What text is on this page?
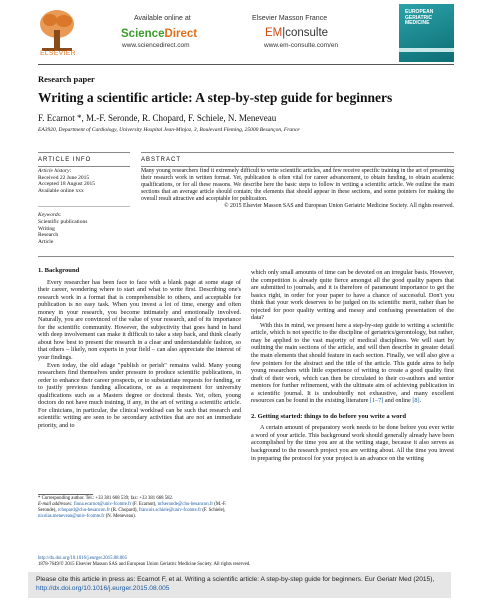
ELSEVIER
Available online at
ScienceDirect
www.sciencedirect.com
Elsevier Masson France
EM|consulte
www.em-consulte.com/en
EUROPEAN GERIATRIC MEDICINE
Research paper
Writing a scientific article: A step-by-step guide for beginners
F. Ecarnot *, M.-F. Seronde, R. Chopard, F. Schiele, N. Meneveau
EA3920, Department of Cardiology, University Hospital Jean-Minjoz, 3, Boulevard Fleming, 25000 Besançon, France
ARTICLE INFO
Article history:
Received 22 June 2015
Accepted 18 August 2015
Available online xxx
Keywords:
Scientific publications
Writing
Research
Article
ABSTRACT
Many young researchers find it extremely difficult to write scientific articles, and few receive specific training in the art of presenting their research work in written format. Yet, publication is often vital for career advancement, to obtain funding, to obtain academic qualifications, or for all these reasons. We describe here the basic steps to follow in writing a scientific article. We outline the main sections that an average article should contain; the elements that should appear in these sections, and some pointers for making the overall result attractive and acceptable for publication.
© 2015 Elsevier Masson SAS and European Union Geriatric Medicine Society. All rights reserved.
1. Background

Every researcher has been face to face with a blank page at some stage of their career, wondering where to start and what to write first. Describing one's research work in a format that is comprehensible to others, and acceptable for publication is no easy task. When you invest a lot of time, energy and often money in your research, you become intimately and emotionally involved. Naturally, you are convinced of the value of your research, and of its importance for the scientific community. However, the subjectivity that goes hand in hand with deep involvement can make it difficult to take a step back, and think clearly about how best to present the research in a clear and understandable fashion, so that others – likely, non experts in your field – can also appreciate the interest of your findings.

Even today, the old adage "publish or perish" remains valid. Many young researchers find themselves under pressure to produce scientific publications, in order to enhance their career prospects, or to substantiate requests for funding, or to justify previous funding allocations, or as a requirement for university qualifications such as a Masters degree or doctoral thesis. Yet, often, young doctors do not have much training, if any, in the art of writing a scientific article. For clinicians, in particular, the clinical workload can be such that research and scientific writing are seen to be secondary activities that are not an immediate priority, and to

which only small amounts of time can be devoted on an irregular basis. However, the competition is already quite fierce amongst all the good quality papers that are submitted to journals, and it is therefore of paramount importance to get the basics right, in order for your paper to have a chance of successful. Don't you think that your work deserves to be judged on its scientific merit, rather than be rejected for poor quality writing and messy and confusing presentation of the data?

With this in mind, we present here a step-by-step guide to writing a scientific article, which is not specific to the discipline of geriatrics/gerontology, but rather, may be applied to the vast majority of medical disciplines. We will start by outlining the main sections of the article, and will then describe in greater detail the main elements that should feature in each section. Finally, we will also give a few pointers for the abstract and the title of the article. This guide aims to help young researchers with little experience of writing to create a good quality first draft of their work, which can then be circulated to their co-authors and senior mentors for further refinement, with the ultimate aim of achieving publication in a scientific journal. It is undoubtedly not exhaustive, and many excellent resources can be found in the existing literature [1–7] and online [8].

2. Getting started: things to do before you write a word

A certain amount of preparatory work needs to be done before you ever write a word of your article. This background work should generally already have been accomplished by the time you are at the writing stage, because it also serves as background to the research project you are writing about. All the time you invest in preparing the protocol for your project is an advance on the writing

* Corresponding author. Tel.: +33 381 668 539; fax: +33 381 668 582.
E-mail addresses: fiona.ecarnot@univ-fcomte.fr (F. Ecarnot), mfseronde@chu-besancon.fr (M.-F. Seronde), rchopard@chu-besancon.fr (R. Chopard), francois.schiele@univ-fcomte.fr (F. Schiele), nicolas.meneveau@univ-fcomte.fr (N. Meneveau).
http://dx.doi.org/10.1016/j.eurger.2015.08.005
1878-7649/© 2015 Elsevier Masson SAS and European Union Geriatric Medicine Society. All rights reserved.
Please cite this article in press as: Ecarnot F, et al. Writing a scientific article: A step-by-step guide for beginners. Eur Geriatr Med (2015),
http://dx.doi.org/10.1016/j.eurger.2015.08.005
